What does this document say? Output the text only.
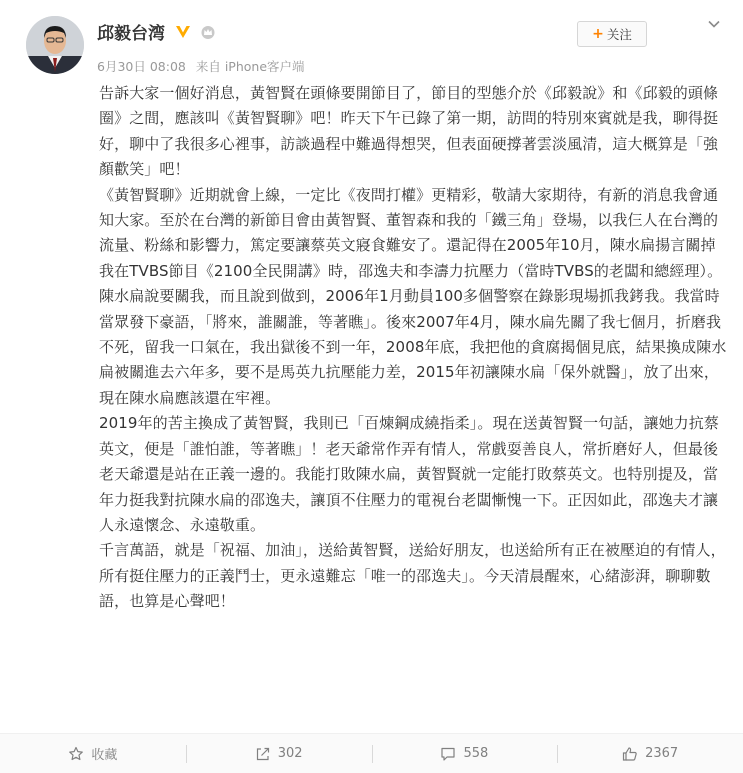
邱毅台湾
6月30日 08:08 来自 iPhone客户端
+ 关注

告訴大家一個好消息，黃智賢在頭條要開節目了，節目的型態介於《邱毅說》和《邱毅的頭條圈》之間，應該叫《黃智賢聊》吧！昨天下午已錄了第一期，訪問的特別來賓就是我，聊得挺好，聊中了我很多心裡事，訪談過程中難過得想哭，但表面硬撐著雲淡風清，這大概算是「強顏歡笑」吧！

《黃智賢聊》近期就會上線，一定比《夜問打權》更精彩，敬請大家期待，有新的消息我會通知大家。至於在台灣的新節目會由黃智賢、董智森和我的「鐵三角」登場，以我仨人在台灣的流量、粉絲和影響力，篤定要讓蔡英文寢食難安了。還記得在2005年10月，陳水扁揚言關掉我在TVBS節目《2100全民開講》時，邵逸夫和李濤力抗壓力（當時TVBS的老闆和總經理）。陳水扁說要關我，而且說到做到，2006年1月動員100多個警察在錄影現場抓我銬我。我當時當眾發下豪語，「將來，誰關誰，等著瞧」。後來2007年4月，陳水扁先關了我七個月，折磨我不死，留我一口氣在，我出獄後不到一年，2008年底，我把他的貪腐揭個見底，結果換成陳水扁被關進去六年多，要不是馬英九抗壓能力差，2015年初讓陳水扁「保外就醫」，放了出來，現在陳水扁應該還在牢裡。

2019年的苦主換成了黃智賢，我則已「百煉鋼成繞指柔」。現在送黃智賢一句話，讓她力抗蔡英文，便是「誰怕誰，等著瞧」！老天爺常作弄有情人，常戲耍善良人，常折磨好人，但最後老天爺還是站在正義一邊的。我能打敗陳水扁，黃智賢就一定能打敗蔡英文。也特別提及，當年力挺我對抗陳水扁的邵逸夫，讓頂不住壓力的電視台老闆慚愧一下。正因如此，邵逸夫才讓人永遠懷念、永遠敬重。

千言萬語，就是「祝福、加油」，送給黃智賢，送給好朋友，也送給所有正在被壓迫的有情人，所有挺住壓力的正義鬥士，更永遠難忘「唯一的邵逸夫」。今天清晨醒來，心緒澎湃，聊聊數語，也算是心聲吧！

收藏	302	558	2367
